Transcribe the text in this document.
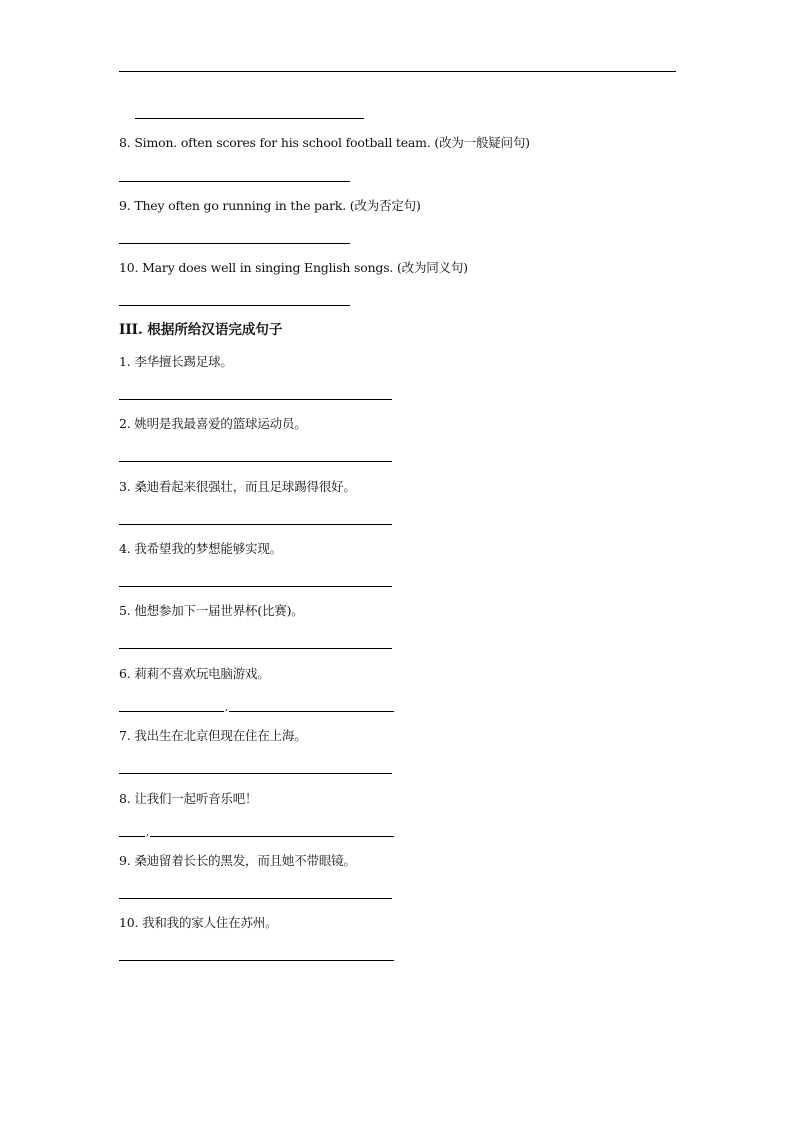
8. Simon. often scores for his school football team. (改为一般疑问句)
9. They often go running in the park. (改为否定句)
10. Mary does well in singing English songs. (改为同义句)
III. 根据所给汉语完成句子
1. 李华擅长踢足球。
2. 姚明是我最喜爱的篮球运动员。
3. 桑迪看起来很强壮，而且足球踢得很好。
4. 我希望我的梦想能够实现。
5. 他想参加下一届世界杯(比赛)。
6. 莉莉不喜欢玩电脑游戏。
,
7. 我出生在北京但现在住在上海。
8. 让我们一起听音乐吧！
,
9. 桑迪留着长长的黑发，而且她不带眼镜。
10. 我和我的家人住在苏州。
